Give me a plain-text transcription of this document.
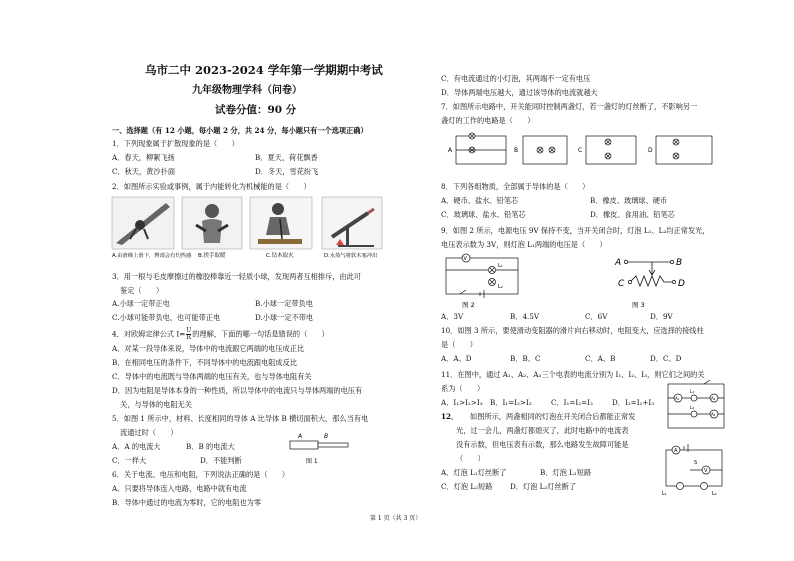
乌市二中 2023-2024 学年第一学期期中考试
九年级物理学科（问卷）
试卷分值：90 分
一、选择题（有 12 小题，每小题 2 分，共 24 分，每小题只有一个选项正确）
1．下列现象属于扩散现象的是（　　）
A．春天，柳絮飞扬	B．夏天，荷花飘香
C．秋天，黄沙扑面	D．冬天，雪花纷飞
2．如图所示实验或事例，属于内能转化为机械能的是（　　）
A.由滑梯上滑下，臀部会有灼热感 B.搓手取暖	C.钻木取火	D.水蒸气将软木塞冲出
3．用一根与毛皮摩擦过的橡胶棒靠近一轻质小球，发现两者互相排斥，由此可
鉴定（　　）
A.小球一定带正电	B.小球一定带负电
C.小球可能带负电，也可能带正电	D.小球一定不带电
4．对欧姆定律公式 $I= \frac{U}{R}$ 的理解，下面的哪一句话是错误的（　　）
A．对某一段导体来说，导体中的电流跟它两端的电压成正比
B．在相同电压的条件下，不同导体中的电流跟电阻成反比
C．导体中的电流既与导体两端的电压有关，也与导体电阻有关
D．因为电阻是导体本身的一种性质，所以导体中的电流只与导体两端的电压有
关，与导体的电阻无关
5．如图 1 所示中，材料、长度相同的导体 A 比导体 B 横切面积大，那么当有电
流通过时（　　）
A．A 的电流大	B．B 的电流大
C．一样大	D．不能判断
A	B
图 1
6．关于电流、电压和电阻，下列说法正确的是（　　）
A．只要将导体连入电路，电路中就有电流
B．导体中通过的电流为零时，它的电阻也为零
C．有电流通过的小灯泡，其两端不一定有电压
D．导体两端电压越大，通过该导体的电流就越大
7．如图所示电路中，开关能同时控制两盏灯，若一盏灯的灯丝断了，不影响另一
盏灯的工作的电路是（　　）
A	B	C	D
8．下列各组物质，全部属于导体的是（　　）
A．硬币、盐水、铅笔芯	B．橡皮、玻璃球、硬币
C．玻璃球、盐水、铅笔芯	D．橡皮、食用油、铅笔芯
9．如图 2 所示，电源电压 9V 保持不变，当开关闭合时，灯泡 L₁、L₂均正常发光，
电压表示数为 3V，则灯泡 L₁两端的电压是（　　）
V
L₁
L₂
图 2
A	B
C	D
图 3
A．3V	B．4.5V	C．6V	D．9V
10．如图 3 所示，要使滑动变阻器的滑片向右移动时，电阻变大，应选择的接线柱
是（　　）
A．A、D	B．B、C	C．A、B	D．C、D
11．在图中，通过 A₁、A₂、A₃三个电表的电流分别为 I₁、I₂、I₃，则它们之间的关
系为（　　）
A₁	A₂
A₃
L₁
L₂
A．I₁>I₂>I₃ B．I₁=I₂>I₃	C．I₁=I₂=I₃	D．I₁=I₂+I₃
12． 如图所示，两盏相同的灯泡在开关闭合后都能正常发
光，过一会儿，两盏灯都熄灭了，此时电路中的电流表
没有示数，但电压表有示数，那么电路发生故障可能是
（　　）
A．灯泡 L₁灯丝断了	B．灯泡 L₁短路
C．灯泡 L₂短路 D．灯泡 L₂灯丝断了
A
V
S
L₁	L₂
第 1 页（共 3 页）
